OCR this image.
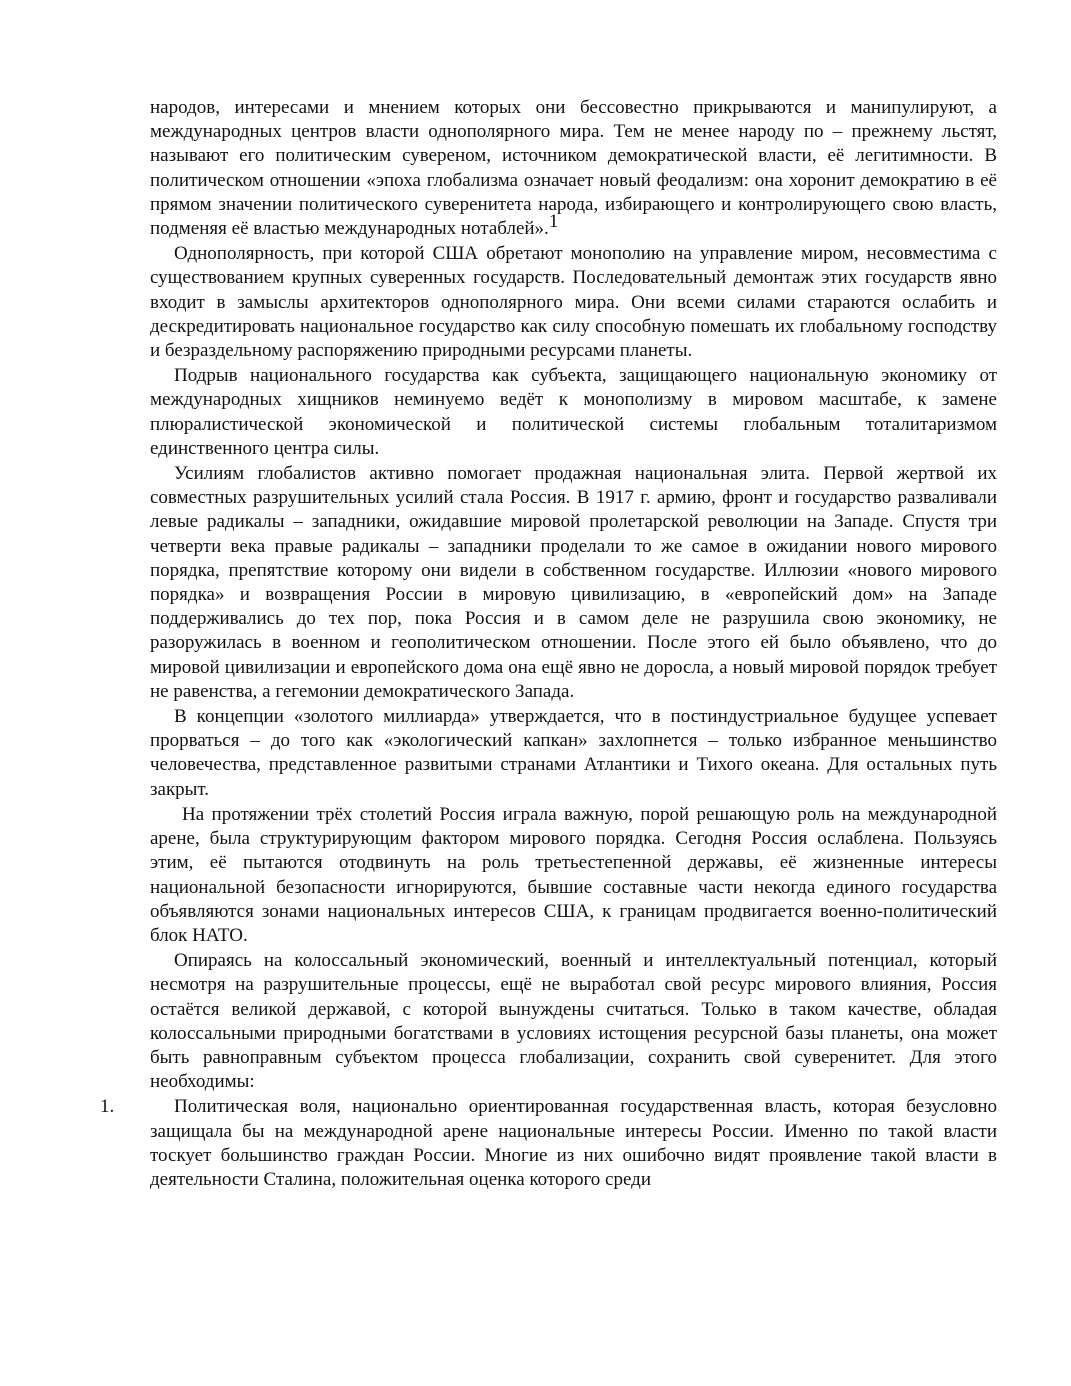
народов, интересами и мнением которых они бессовестно прикрываются и манипулируют, а международных центров власти однополярного мира. Тем не менее народу по – прежнему льстят, называют его политическим сувереном, источником демократической власти, её легитимности. В политическом отношении «эпоха глобализма означает новый феодализм: она хоронит демократию в её прямом значении политического суверенитета народа, избирающего и контролирующего свою власть, подменяя её властью международных нотаблей».$^1$

Однополярность, при которой США обретают монополию на управление миром, несовместима с существованием крупных суверенных государств. Последовательный демонтаж этих государств явно входит в замыслы архитекторов однополярного мира. Они всеми силами стараются ослабить и дескредитировать национальное государство как силу способную помешать их глобальному господству и безраздельному распоряжению природными ресурсами планеты.

Подрыв национального государства как субъекта, защищающего национальную экономику от международных хищников неминуемо ведёт к монополизму в мировом масштабе, к замене плюралистической экономической и политической системы глобальным тоталитаризмом единственного центра силы.

Усилиям глобалистов активно помогает продажная национальная элита. Первой жертвой их совместных разрушительных усилий стала Россия. В 1917 г. армию, фронт и государство разваливали левые радикалы – западники, ожидавшие мировой пролетарской революции на Западе. Спустя три четверти века правые радикалы – западники проделали то же самое в ожидании нового мирового порядка, препятствие которому они видели в собственном государстве. Иллюзии «нового мирового порядка» и возвращения России в мировую цивилизацию, в «европейский дом» на Западе поддерживались до тех пор, пока Россия и в самом деле не разрушила свою экономику, не разоружилась в военном и геополитическом отношении. После этого ей было объявлено, что до мировой цивилизации и европейского дома она ещё явно не доросла, а новый мировой порядок требует не равенства, а гегемонии демократического Запада.

В концепции «золотого миллиарда» утверждается, что в постиндустриальное будущее успевает прорваться – до того как «экологический капкан» захлопнется – только избранное меньшинство человечества, представленное развитыми странами Атлантики и Тихого океана. Для остальных путь закрыт.

На протяжении трёх столетий Россия играла важную, порой решающую роль на международной арене, была структурирующим фактором мирового порядка. Сегодня Россия ослаблена. Пользуясь этим, её пытаются отодвинуть на роль третьестепенной державы, её жизненные интересы национальной безопасности игнорируются, бывшие составные части некогда единого государства объявляются зонами национальных интересов США, к границам продвигается военно-политический блок НАТО.

Опираясь на колоссальный экономический, военный и интеллектуальный потенциал, который несмотря на разрушительные процессы, ещё не выработал свой ресурс мирового влияния, Россия остаётся великой державой, с которой вынуждены считаться. Только в таком качестве, обладая колоссальными природными богатствами в условиях истощения ресурсной базы планеты, она может быть равноправным субъектом процесса глобализации, сохранить свой суверенитет. Для этого необходимы:

1.	Политическая воля, национально ориентированная государственная власть, которая безусловно защищала бы на международной арене национальные интересы России. Именно по такой власти тоскует большинство граждан России. Многие из них ошибочно видят проявление такой власти в деятельности Сталина, положительная оценка которого среди
